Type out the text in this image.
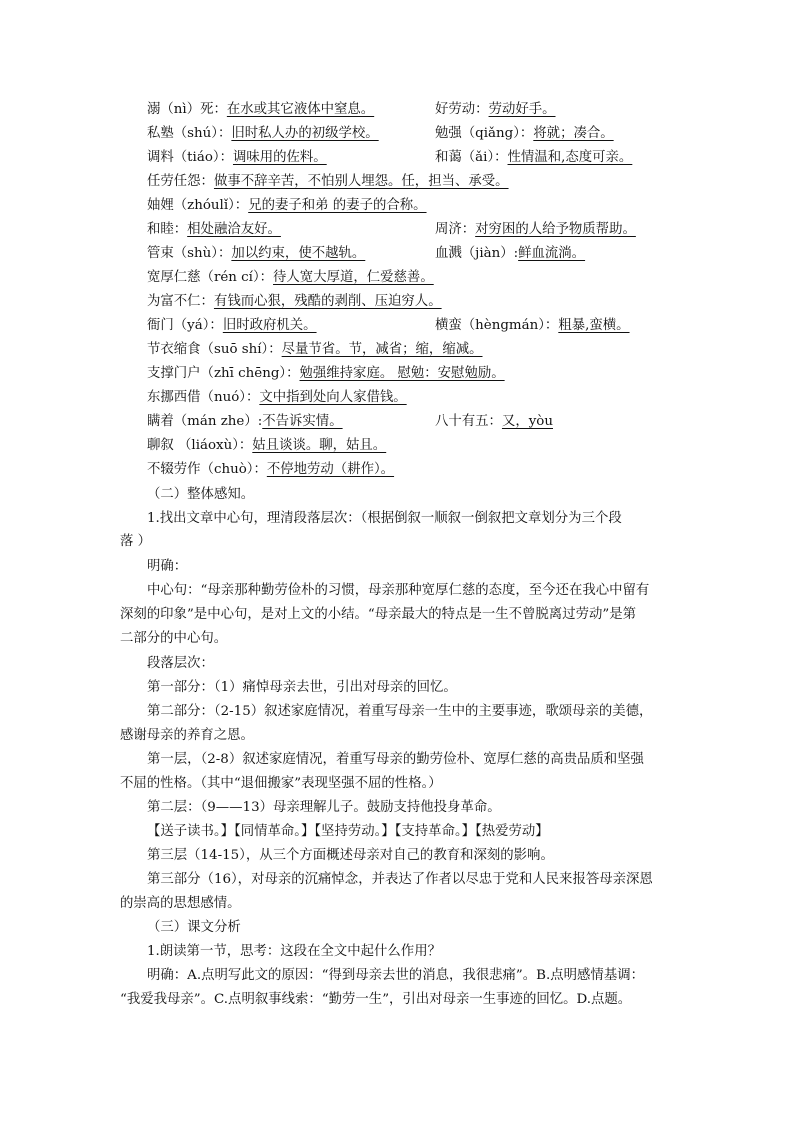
溺（nì）死：在水或其它液体中窒息。	好劳动：劳动好手。
私塾（shú）：旧时私人办的初级学校。	勉强（qiǎng）：将就；凑合。
调料（tiáo）：调味用的佐料。	和蔼（ǎi）：性情温和,态度可亲。
任劳任怨：做事不辞辛苦，不怕别人埋怨。任，担当、承受。
妯娌（zhóulǐ）：兄的妻子和弟 的妻子的合称。
和睦：相处融洽友好。	周济：对穷困的人给予物质帮助。
管束（shù）：加以约束，使不越轨。	血溅（jiàn）:鲜血流淌。
宽厚仁慈（rén cí）：待人宽大厚道，仁爱慈善。
为富不仁：有钱而心狠，残酷的剥削、压迫穷人。
衙门（yá）：旧时政府机关。	横蛮（hèngmán）：粗暴,蛮横。
节衣缩食（suō shí）：尽量节省。节，减省；缩，缩减。
支撑门户（zhī chēng）：勉强维持家庭。 慰勉：安慰勉励。
东挪西借（nuó）：文中指到处向人家借钱。
瞒着（mán zhe）:不告诉实情。	八十有五：又，yòu
聊叙 （liáoxù）：姑且谈谈。聊，姑且。
不辍劳作（chuò）：不停地劳动（耕作）。
（二）整体感知。
1.找出文章中心句，理清段落层次：（根据倒叙一顺叙一倒叙把文章划分为三个段
落 ）
明确：
中心句：“母亲那种勤劳俭朴的习惯，母亲那种宽厚仁慈的态度，至今还在我心中留有
深刻的印象”是中心句，是对上文的小结。“母亲最大的特点是一生不曾脱离过劳动”是第
二部分的中心句。
段落层次：
第一部分：（1）痛悼母亲去世，引出对母亲的回忆。
第二部分：（2-15）叙述家庭情况，着重写母亲一生中的主要事迹，歌颂母亲的美德，
感谢母亲的养育之恩。
第一层，（2-8）叙述家庭情况，着重写母亲的勤劳俭朴、宽厚仁慈的高贵品质和坚强
不屈的性格。（其中“退佃搬家”表现坚强不屈的性格。）
第二层：（9——13）母亲理解儿子。鼓励支持他投身革命。
【送子读书。】【同情革命。】【坚持劳动。】【支持革命。】【热爱劳动】
第三层（14-15），从三个方面概述母亲对自己的教育和深刻的影响。
第三部分（16），对母亲的沉痛悼念，并表达了作者以尽忠于党和人民来报答母亲深恩
的崇高的思想感情。
（三）课文分析
1.朗读第一节，思考：这段在全文中起什么作用？
明确：A.点明写此文的原因：“得到母亲去世的消息，我很悲痛”。B.点明感情基调：
“我爱我母亲”。C.点明叙事线索：“勤劳一生”，引出对母亲一生事迹的回忆。D.点题。
